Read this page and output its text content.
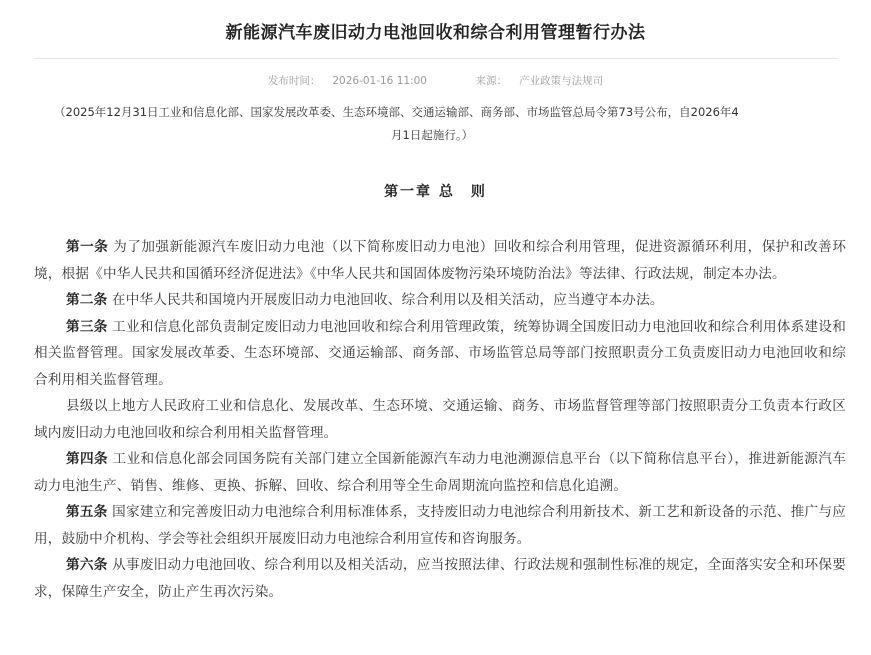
新能源汽车废旧动力电池回收和综合利用管理暂行办法
发布时间： 2026-01-16 11:00	来源： 产业政策与法规司
（2025年12月31日工业和信息化部、国家发展改革委、生态环境部、交通运输部、商务部、市场监管总局令第73号公布，自2026年4
月1日起施行。）
第一章 总　则

第一条 为了加强新能源汽车废旧动力电池（以下简称废旧动力电池）回收和综合利用管理，促进资源循环利用，保护和改善环境，根据《中华人民共和国循环经济促进法》《中华人民共和国固体废物污染环境防治法》等法律、行政法规，制定本办法。

第二条 在中华人民共和国境内开展废旧动力电池回收、综合利用以及相关活动，应当遵守本办法。

第三条 工业和信息化部负责制定废旧动力电池回收和综合利用管理政策，统筹协调全国废旧动力电池回收和综合利用体系建设和相关监督管理。国家发展改革委、生态环境部、交通运输部、商务部、市场监管总局等部门按照职责分工负责废旧动力电池回收和综合利用相关监督管理。

县级以上地方人民政府工业和信息化、发展改革、生态环境、交通运输、商务、市场监督管理等部门按照职责分工负责本行政区域内废旧动力电池回收和综合利用相关监督管理。

第四条 工业和信息化部会同国务院有关部门建立全国新能源汽车动力电池溯源信息平台（以下简称信息平台），推进新能源汽车动力电池生产、销售、维修、更换、拆解、回收、综合利用等全生命周期流向监控和信息化追溯。

第五条 国家建立和完善废旧动力电池综合利用标准体系，支持废旧动力电池综合利用新技术、新工艺和新设备的示范、推广与应用，鼓励中介机构、学会等社会组织开展废旧动力电池综合利用宣传和咨询服务。

第六条 从事废旧动力电池回收、综合利用以及相关活动，应当按照法律、行政法规和强制性标准的规定，全面落实安全和环保要求，保障生产安全，防止产生再次污染。
